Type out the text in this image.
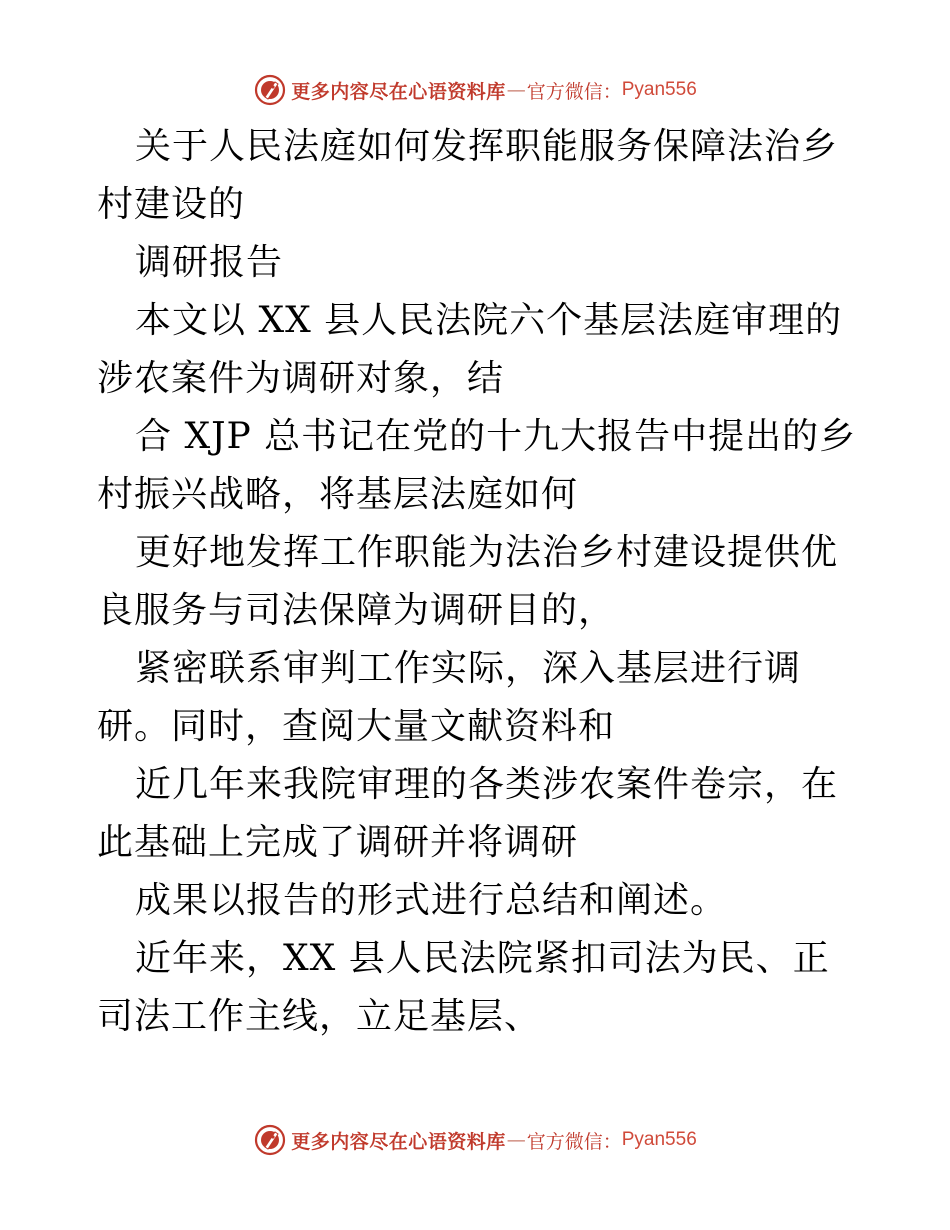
更多内容尽在心语资料库 — 官方微信： Pyan556

关于人民法庭如何发挥职能服务保障法治乡村建设的

调研报告

本文以 XX 县人民法院六个基层法庭审理的涉农案件为调研对象，结

合 XJP 总书记在党的十九大报告中提出的乡村振兴战略，将基层法庭如何

更好地发挥工作职能为法治乡村建设提供优良服务与司法保障为调研目的，

紧密联系审判工作实际，深入基层进行调研。同时，查阅大量文献资料和

近几年来我院审理的各类涉农案件卷宗，在此基础上完成了调研并将调研

成果以报告的形式进行总结和阐述。

近年来，XX 县人民法院紧扣司法为民、正司法工作主线，立足基层、

更多内容尽在心语资料库 — 官方微信： Pyan556
